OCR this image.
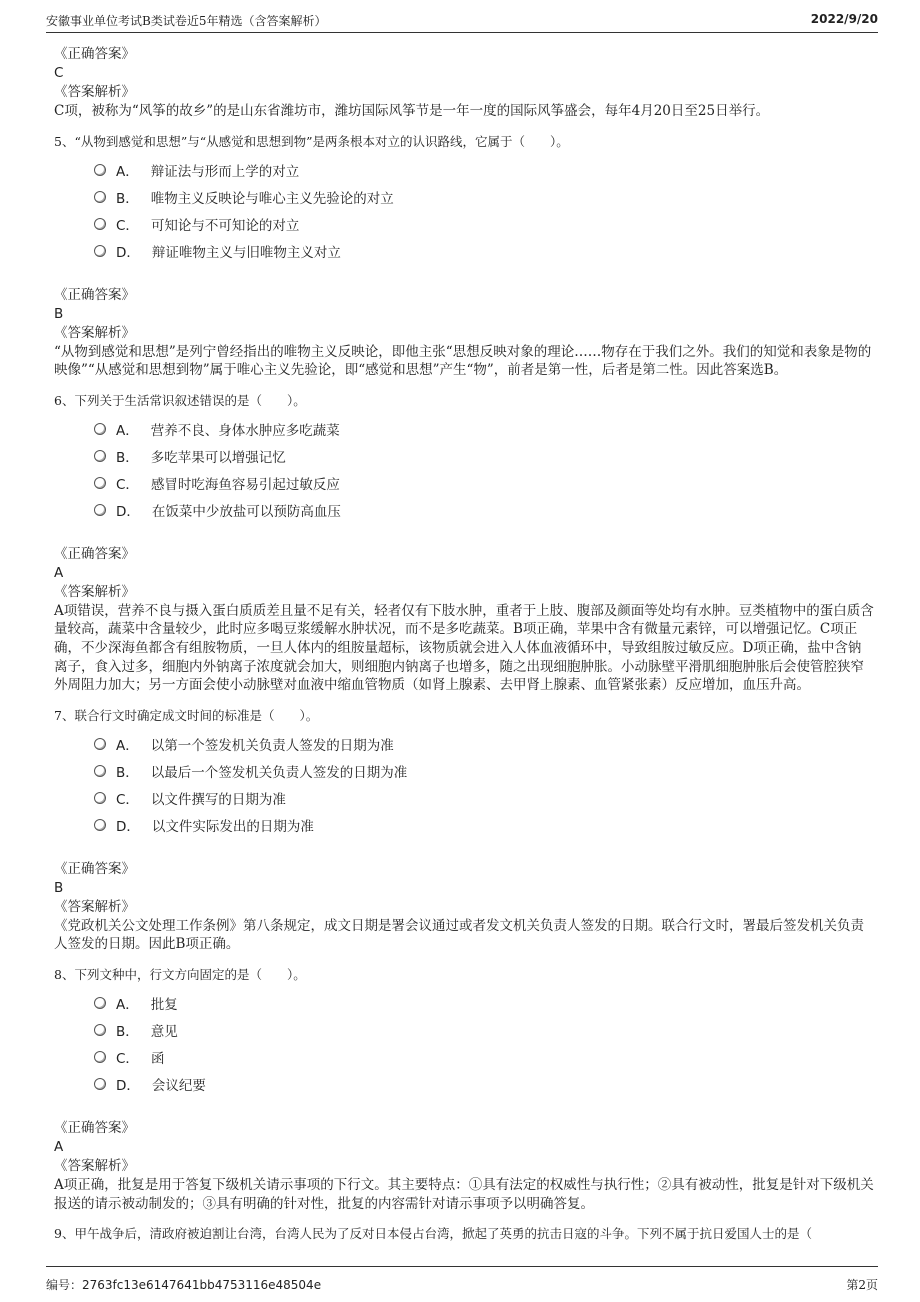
安徽事业单位考试B类试卷近5年精选（含答案解析）	2022/9/20
《正确答案》
C
《答案解析》
C项，被称为“风筝的故乡”的是山东省潍坊市，潍坊国际风筝节是一年一度的国际风筝盛会，每年4月20日至25日举行。
5、“从物到感觉和思想”与“从感觉和思想到物”是两条根本对立的认识路线，它属于（　　）。
A． 辩证法与形而上学的对立
B． 唯物主义反映论与唯心主义先验论的对立
C． 可知论与不可知论的对立
D． 辩证唯物主义与旧唯物主义对立
《正确答案》
B
《答案解析》
“从物到感觉和思想”是列宁曾经指出的唯物主义反映论，即他主张“思想反映对象的理论……物存在于我们之外。我们的知觉和表象是物的映像”“从感觉和思想到物”属于唯心主义先验论，即“感觉和思想”产生“物”，前者是第一性，后者是第二性。因此答案选B。
6、下列关于生活常识叙述错误的是（　　）。
A． 营养不良、身体水肿应多吃蔬菜
B． 多吃苹果可以增强记忆
C． 感冒时吃海鱼容易引起过敏反应
D． 在饭菜中少放盐可以预防高血压
《正确答案》
A
《答案解析》
A项错误，营养不良与摄入蛋白质质差且量不足有关，轻者仅有下肢水肿，重者于上肢、腹部及颜面等处均有水肿。豆类植物中的蛋白质含量较高，蔬菜中含量较少，此时应多喝豆浆缓解水肿状况，而不是多吃蔬菜。B项正确，苹果中含有微量元素锌，可以增强记忆。C项正确，不少深海鱼都含有组胺物质，一旦人体内的组胺量超标，该物质就会进入人体血液循环中，导致组胺过敏反应。D项正确，盐中含钠离子，食入过多，细胞内外钠离子浓度就会加大，则细胞内钠离子也增多，随之出现细胞肿胀。小动脉壁平滑肌细胞肿胀后会使管腔狭窄外周阻力加大；另一方面会使小动脉壁对血液中缩血管物质（如肾上腺素、去甲肾上腺素、血管紧张素）反应增加，血压升高。
7、联合行文时确定成文时间的标准是（　　）。
A． 以第一个签发机关负责人签发的日期为准
B． 以最后一个签发机关负责人签发的日期为准
C． 以文件撰写的日期为准
D． 以文件实际发出的日期为准
《正确答案》
B
《答案解析》
《党政机关公文处理工作条例》第八条规定，成文日期是署会议通过或者发文机关负责人签发的日期。联合行文时，署最后签发机关负责人签发的日期。因此B项正确。
8、下列文种中，行文方向固定的是（　　）。
A． 批复
B． 意见
C． 函
D． 会议纪要
《正确答案》
A
《答案解析》
A项正确，批复是用于答复下级机关请示事项的下行文。其主要特点：①具有法定的权威性与执行性；②具有被动性，批复是针对下级机关报送的请示被动制发的；③具有明确的针对性，批复的内容需针对请示事项予以明确答复。
9、甲午战争后，清政府被迫割让台湾，台湾人民为了反对日本侵占台湾，掀起了英勇的抗击日寇的斗争。下列不属于抗日爱国人士的是（
编号：2763fc13e6147641bb4753116e48504e	第2页
